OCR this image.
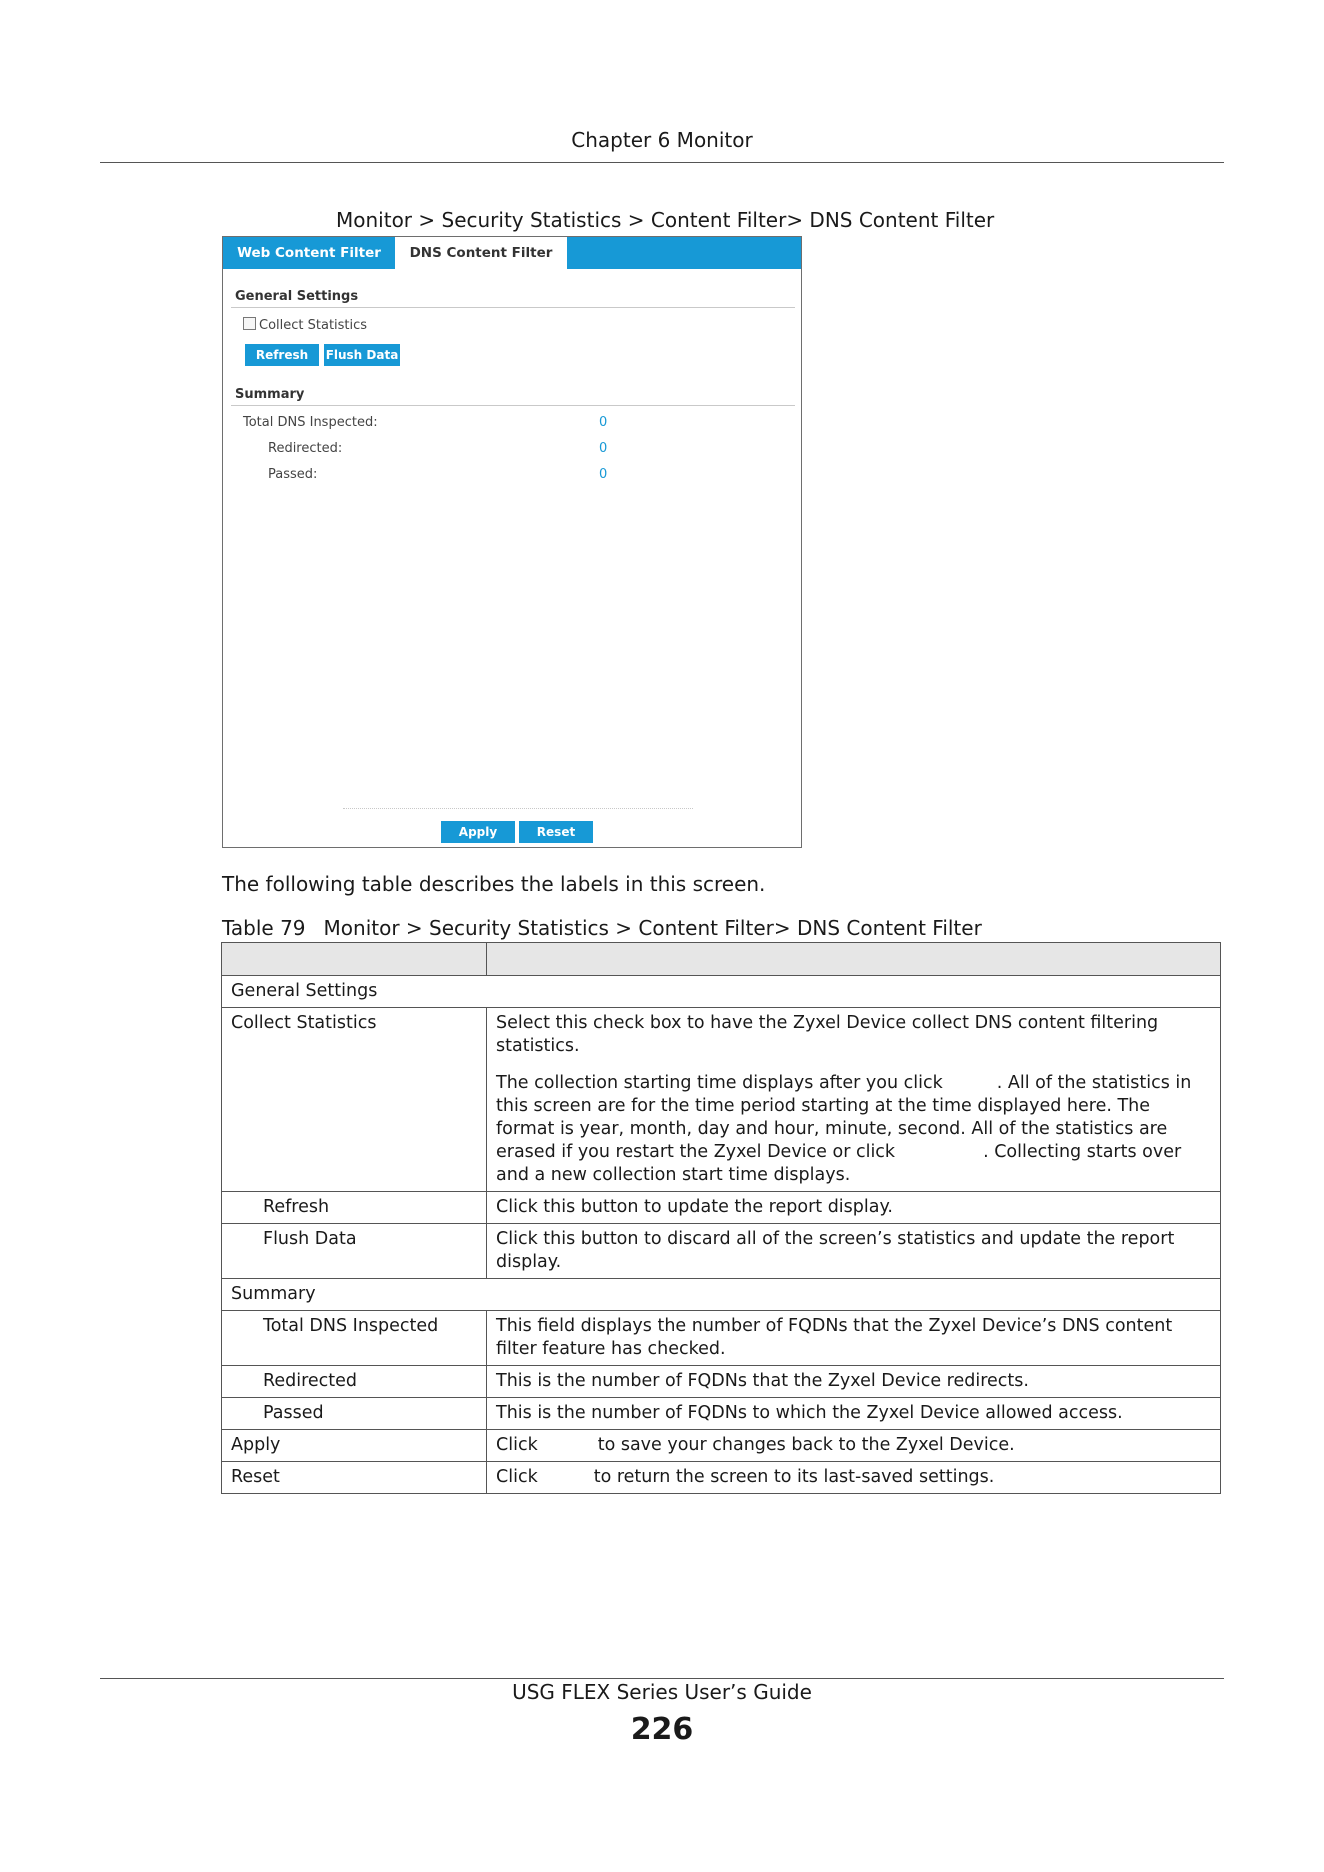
Chapter 6 Monitor
Monitor > Security Statistics > Content Filter> DNS Content Filter
Web Content Filter	DNS Content Filter
General Settings
Collect Statistics
Refresh	Flush Data
Summary
Total DNS Inspected:	0
Redirected:	0
Passed:	0
Apply	Reset
The following table describes the labels in this screen.
Table 79 Monitor > Security Statistics > Content Filter> DNS Content Filter

General Settings	
Collect Statistics	Select this check box to have the Zyxel Device collect DNS content filtering statistics.

The collection starting time displays after you click . All of the statistics in this screen are for the time period starting at the time displayed here. The format is year, month, day and hour, minute, second. All of the statistics are erased if you restart the Zyxel Device or click . Collecting starts over and a new collection start time displays.

Refresh	Click this button to update the report display.
Flush Data	Click this button to discard all of the screen’s statistics and update the report display.
Summary	
Total DNS Inspected	This field displays the number of FQDNs that the Zyxel Device’s DNS content filter feature has checked.
Redirected	This is the number of FQDNs that the Zyxel Device redirects.
Passed	This is the number of FQDNs to which the Zyxel Device allowed access.
Apply	Click to save your changes back to the Zyxel Device.
Reset	Click to return the screen to its last-saved settings.
USG FLEX Series User’s Guide
226
